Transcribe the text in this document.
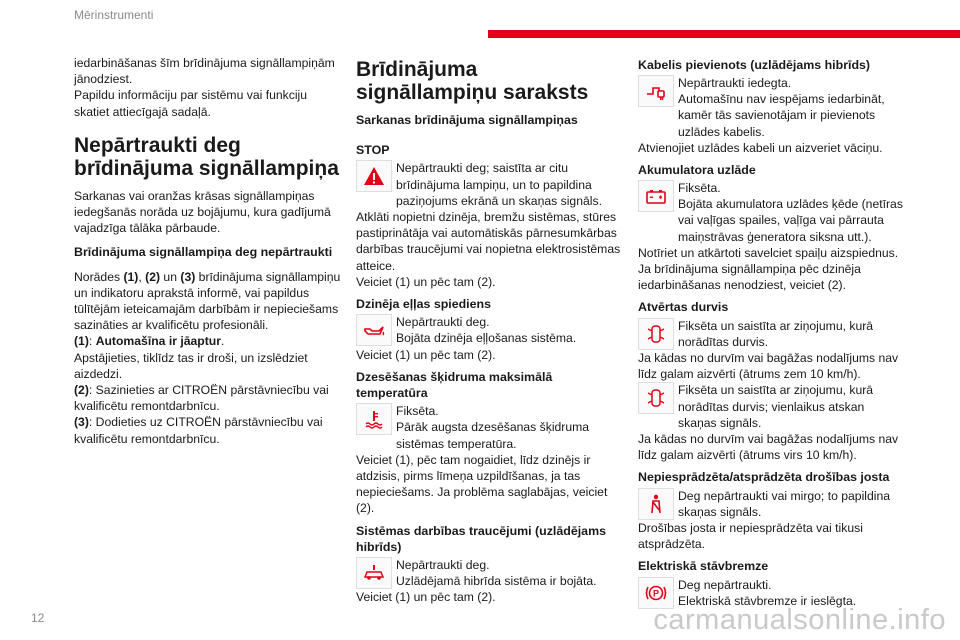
Mērinstrumenti

iedarbināšanas šīm brīdinājuma signāllampiņām jānodziest.

Papildu informāciju par sistēmu vai funkciju skatiet attiecīgajā sadaļā.

Nepārtraukti deg brīdinājuma signāllampiņa

Sarkanas vai oranžas krāsas signāllampiņas iedegšanās norāda uz bojājumu, kura gadījumā vajadzīga tālāka pārbaude.

Brīdinājuma signāllampiņa deg nepārtraukti

Norādes (1), (2) un (3) brīdinājuma signāllampiņu un indikatoru aprakstā informē, vai papildus tūlītējām ieteicamajām darbībām ir nepieciešams sazināties ar kvalificētu profesionāli.

(1): Automašīna ir jāaptur.

Apstājieties, tiklīdz tas ir droši, un izslēdziet aizdedzi.

(2): Sazinieties ar CITROËN pārstāvniecību vai kvalificētu remontdarbnīcu.

(3): Dodieties uz CITROËN pārstāvniecību vai kvalificētu remontdarbnīcu.

Brīdinājuma signāllampiņu saraksts
Sarkanas brīdinājuma signāllampiņas
STOP
Nepārtraukti deg; saistīta ar citu brīdinājuma lampiņu, un to papildina paziņojums ekrānā un skaņas signāls.

Atklāti nopietni dzinēja, bremžu sistēmas, stūres pastiprinātāja vai automātiskās pārnesumkārbas darbības traucējumi vai nopietna elektrosistēmas atteice.

Veiciet (1) un pēc tam (2).

Dzinēja eļļas spiediens
Nepārtraukti deg.
Bojāta dzinēja eļļošanas sistēma.

Veiciet (1) un pēc tam (2).

Dzesēšanas šķidruma maksimālā temperatūra
Fiksēta.
Pārāk augsta dzesēšanas šķidruma sistēmas temperatūra.

Veiciet (1), pēc tam nogaidiet, līdz dzinējs ir atdzisis, pirms līmeņa uzpildīšanas, ja tas nepieciešams. Ja problēma saglabājas, veiciet (2).

Sistēmas darbības traucējumi (uzlādējams hibrīds)
Nepārtraukti deg.
Uzlādējamā hibrīda sistēma ir bojāta.

Veiciet (1) un pēc tam (2).

Kabelis pievienots (uzlādējams hibrīds)
Nepārtraukti iedegta.

Automašīnu nav iespējams iedarbināt, kamēr tās savienotājam ir pievienots uzlādes kabelis.

Atvienojiet uzlādes kabeli un aizveriet vāciņu.

Akumulatora uzlāde
Fiksēta.

Bojāta akumulatora uzlādes ķēde (netīras vai vaļīgas spailes, vaļīga vai pārrauta maiņstrāvas ģeneratora siksna utt.).

Notīriet un atkārtoti savelciet spaiļu aizspiednus. Ja brīdinājuma signāllampiņa pēc dzinēja iedarbināšanas nenodziest, veiciet (2).

Atvērtas durvis
Fiksēta un saistīta ar ziņojumu, kurā norādītas durvis.

Ja kādas no durvīm vai bagāžas nodalījums nav līdz galam aizvērti (ātrums zem 10 km/h).

Fiksēta un saistīta ar ziņojumu, kurā norādītas durvis; vienlaikus atskan skaņas signāls.

Ja kādas no durvīm vai bagāžas nodalījums nav līdz galam aizvērti (ātrums virs 10 km/h).

Nepiesprādzēta/atsprādzēta drošības josta
Deg nepārtraukti vai mirgo; to papildina skaņas signāls.

Drošības josta ir nepiesprādzēta vai tikusi atsprādzēta.

Elektriskā stāvbremze
P
Deg nepārtraukti.
Elektriskā stāvbremze ir ieslēgta.
12	carmanualsonline.info
